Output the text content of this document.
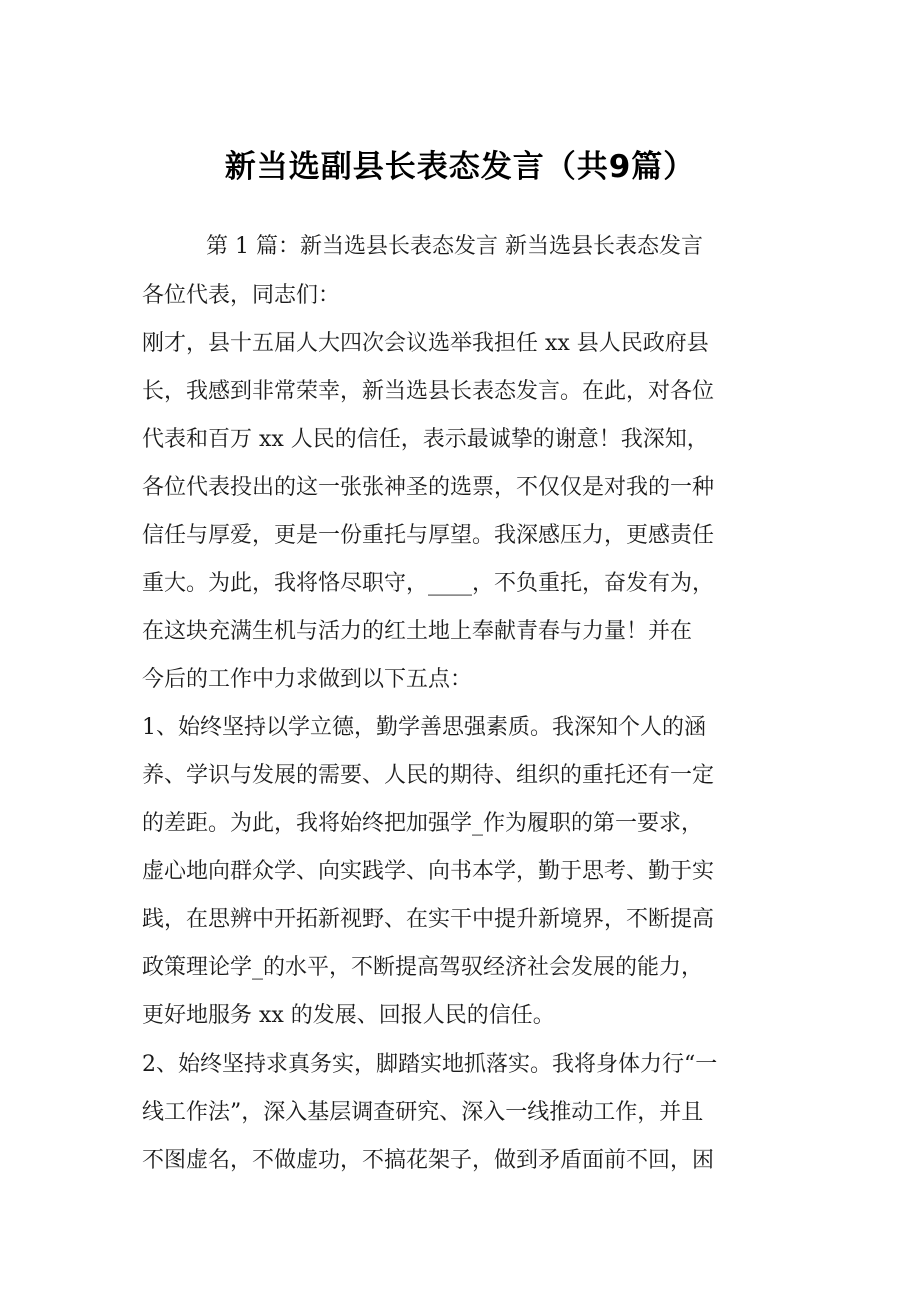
新当选副县长表态发言（共9篇）
第 1 篇：新当选县长表态发言 新当选县长表态发言
各位代表，同志们：
刚才，县十五届人大四次会议选举我担任 xx 县人民政府县
长，我感到非常荣幸，新当选县长表态发言。在此，对各位
代表和百万 xx 人民的信任，表示最诚挚的谢意！我深知，
各位代表投出的这一张张神圣的选票，不仅仅是对我的一种
信任与厚爱，更是一份重托与厚望。我深感压力，更感责任
重大。为此，我将恪尽职守，____，不负重托，奋发有为，
在这块充满生机与活力的红土地上奉献青春与力量！并在
今后的工作中力求做到以下五点：
1、始终坚持以学立德，勤学善思强素质。我深知个人的涵
养、学识与发展的需要、人民的期待、组织的重托还有一定
的差距。为此，我将始终把加强学_作为履职的第一要求，
虚心地向群众学、向实践学、向书本学，勤于思考、勤于实
践，在思辨中开拓新视野、在实干中提升新境界，不断提高
政策理论学_的水平，不断提高驾驭经济社会发展的能力，
更好地服务 xx 的发展、回报人民的信任。
2、始终坚持求真务实，脚踏实地抓落实。我将身体力行“一
线工作法”，深入基层调查研究、深入一线推动工作，并且
不图虚名，不做虚功，不搞花架子，做到矛盾面前不回，困
